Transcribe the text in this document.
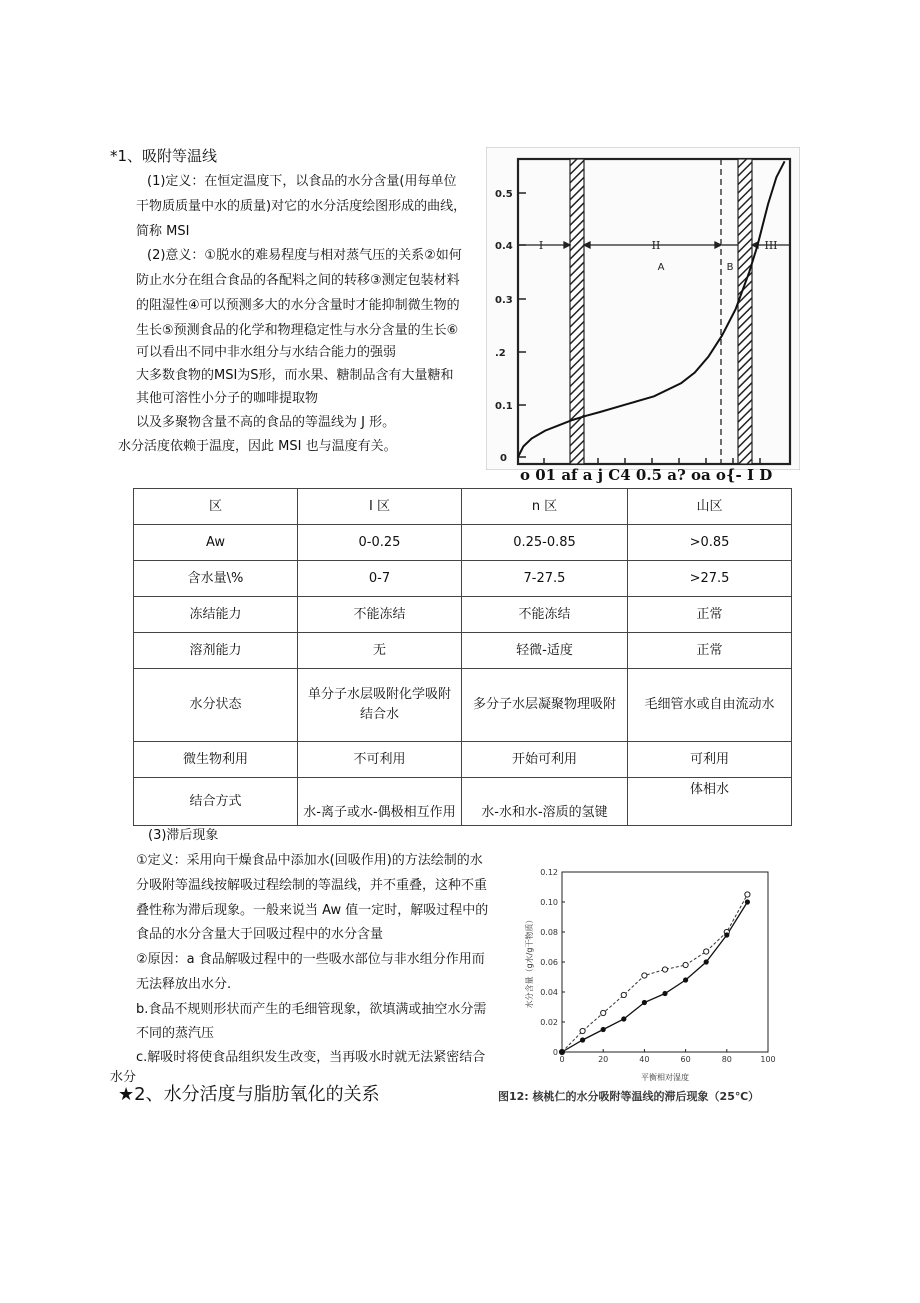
*1、吸附等温线
(1)定义：在恒定温度下，以食品的水分含量(用每单位
干物质质量中水的质量)对它的水分活度绘图形成的曲线，
简称 MSI
(2)意义：①脱水的难易程度与相对蒸气压的关系②如何
防止水分在组合食品的各配料之间的转移③测定包装材料
的阻湿性④可以预测多大的水分含量时才能抑制微生物的
生长⑤预测食品的化学和物理稳定性与水分含量的生长⑥
可以看出不同中非水组分与水结合能力的强弱
大多数食物的MSI为S形，而水果、糖制品含有大量糖和
其他可溶性小分子的咖啡提取物
以及多聚物含量不高的食品的等温线为 J 形。
水分活度依赖于温度，因此 MSI 也与温度有关。
I	II
A	B
III
0.5
0.4
0.3
.2
0.1
0
o 01 af a j C4 0.5 a? oa o{- I D
区	I 区	n 区	山区
Aw	0-0.25	0.25-0.85	>0.85
含水量\%	0-7	7-27.5	>27.5
冻结能力	不能冻结	不能冻结	正常
溶剂能力	无	轻微-适度	正常
水分状态	单分子水层吸附化学吸附结合水	多分子水层凝聚物理吸附	毛细管水或自由流动水
微生物利用	不可利用	开始可利用	可利用
结合方式	水-离子或水-偶极相互作用	水-水和水-溶质的氢键	体相水
(3)滞后现象
①定义：采用向干燥食品中添加水(回吸作用)的方法绘制的水
分吸附等温线按解吸过程绘制的等温线，并不重叠，这种不重
叠性称为滞后现象。一般来说当 Aw 值一定时，解吸过程中的
食品的水分含量大于回吸过程中的水分含量
②原因：a 食品解吸过程中的一些吸水部位与非水组分作用而
无法释放出水分.
b.食品不规则形状而产生的毛细管现象，欲填满或抽空水分需
不同的蒸汽压
c.解吸时将使食品组织发生改变，当再吸水时就无法紧密结合
水分
★2、水分活度与脂肪氧化的关系
0	20	40	60	80	100
0
0.02
0.04
0.06
0.08
0.10
0.12
水分含量（g水/g干物质）
平衡相对湿度
图12: 核桃仁的水分吸附等温线的滞后现象（25℃）
